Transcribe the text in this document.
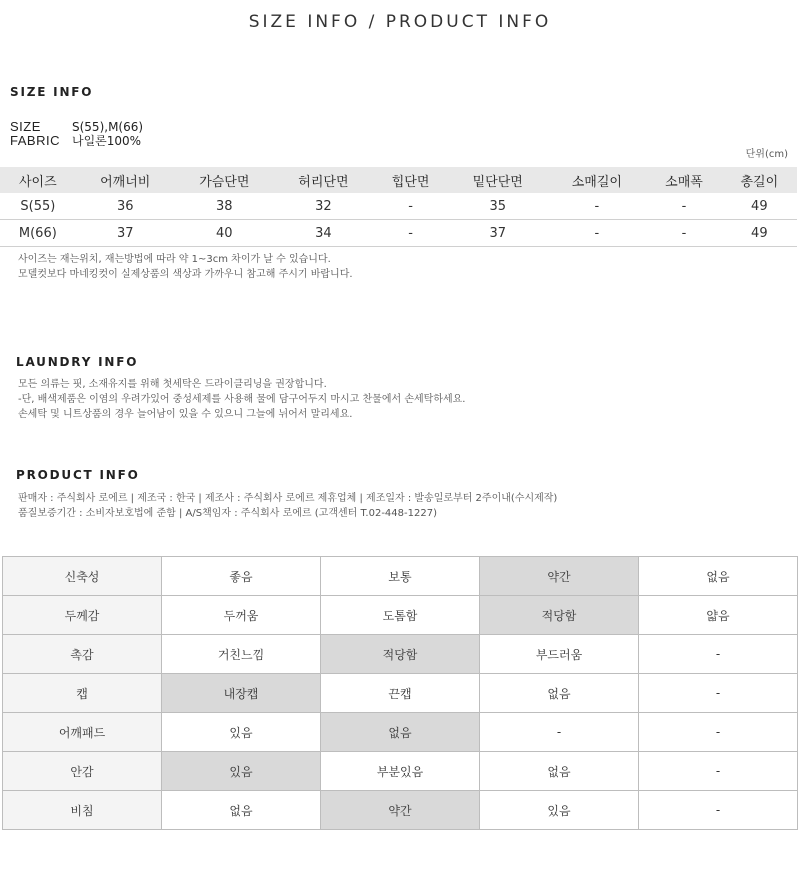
SIZE INFO / PRODUCT INFO
SIZE INFO
SIZE	S(55),M(66)
FABRIC 나일론100%
단위(cm)
사이즈	어깨너비	가슴단면	허리단면	힙단면	밑단단면	소매길이	소매폭	총길이
S(55)	36	38	32	-	35	-	-	49
M(66)	37	40	34	-	37	-	-	49

사이즈는 재는위치, 재는방법에 따라 약 1~3cm 차이가 날 수 있습니다.

모델컷보다 마네킹컷이 실제상품의 색상과 가까우니 참고해 주시기 바랍니다.

LAUNDRY INFO

모든 의류는 핏, 소재유지를 위해 첫세탁은 드라이클리닝을 권장합니다.

-단, 배색제품은 이염의 우려가있어 중성세제를 사용해 물에 담구어두지 마시고 찬물에서 손세탁하세요.

손세탁 및 니트상품의 경우 늘어남이 있을 수 있으니 그늘에 뉘어서 말리세요.

PRODUCT INFO

판매자 : 주식회사 로에르 | 제조국 : 한국 | 제조사 : 주식회사 로에르 제휴업체 | 제조일자 : 발송일로부터 2주이내(수시제작)

품질보증기간 : 소비자보호법에 준함 | A/S책임자 : 주식회사 로에르 (고객센터 T.02-448-1227)

신축성	좋음	보통	약간	없음
두께감	두꺼움	도톰함	적당함	얇음
촉감	거친느낌	적당함	부드러움	-
캡	내장캡	끈캡	없음	-
어깨패드	있음	없음	-	-
안감	있음	부분있음	없음	-
비침	없음	약간	있음	-
